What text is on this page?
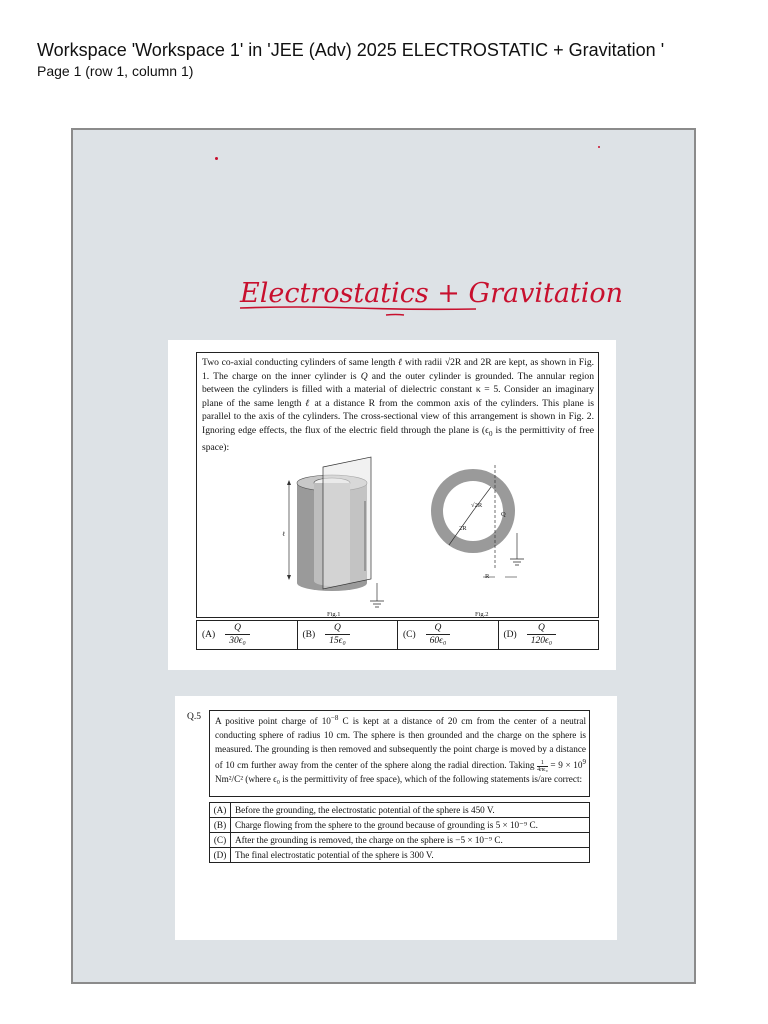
Workspace 'Workspace 1' in 'JEE (Adv) 2025 ELECTROSTATIC + Gravitation '
Page 1 (row 1, column 1)
Electrostatics + Gravitation
Two co-axial conducting cylinders of same length ℓ with radii √2R and 2R are kept, as shown in Fig. 1. The charge on the inner cylinder is Q and the outer cylinder is grounded. The annular region between the cylinders is filled with a material of dielectric constant κ = 5. Consider an imaginary plane of the same length ℓ at a distance R from the common axis of the cylinders. This plane is parallel to the axis of the cylinders. The cross-sectional view of this arrangement is shown in Fig. 2. Ignoring edge effects, the flux of the electric field through the plane is ($\epsilon_0$ is the permittivity of free space):
ℓ
Fig.1
√2R
2R
Q
R
Fig.2
$(A) \frac{Q}{\text{30ϵ₀}}$	$(B) \frac{Q}{\text{15ϵ₀}}$	$(C) \frac{Q}{\text{60ϵ₀}}$	$(D) \frac{Q}{\text{120ϵ₀}}$
Q.5 A positive point charge of $10^{-8}$ C is kept at a distance of 20 cm from the center of a neutral conducting sphere of radius 10 cm. The sphere is then grounded and the charge on the sphere is measured. The grounding is then removed and subsequently the point charge is moved by a distance of 10 cm further away from the center of the sphere along the radial direction. Taking $\frac{1}{\text{4πϵ₀}} = 9 \times 10^9$ Nm²/C² (where ϵ₀ is the permittivity of free space), which of the following statements is/are correct:
(A)	Before the grounding, the electrostatic potential of the sphere is 450 V.
(B)	Charge flowing from the sphere to the ground because of grounding is 5 × 10⁻⁹ C.
(C)	After the grounding is removed, the charge on the sphere is −5 × 10⁻⁹ C.
(D)	The final electrostatic potential of the sphere is 300 V.
